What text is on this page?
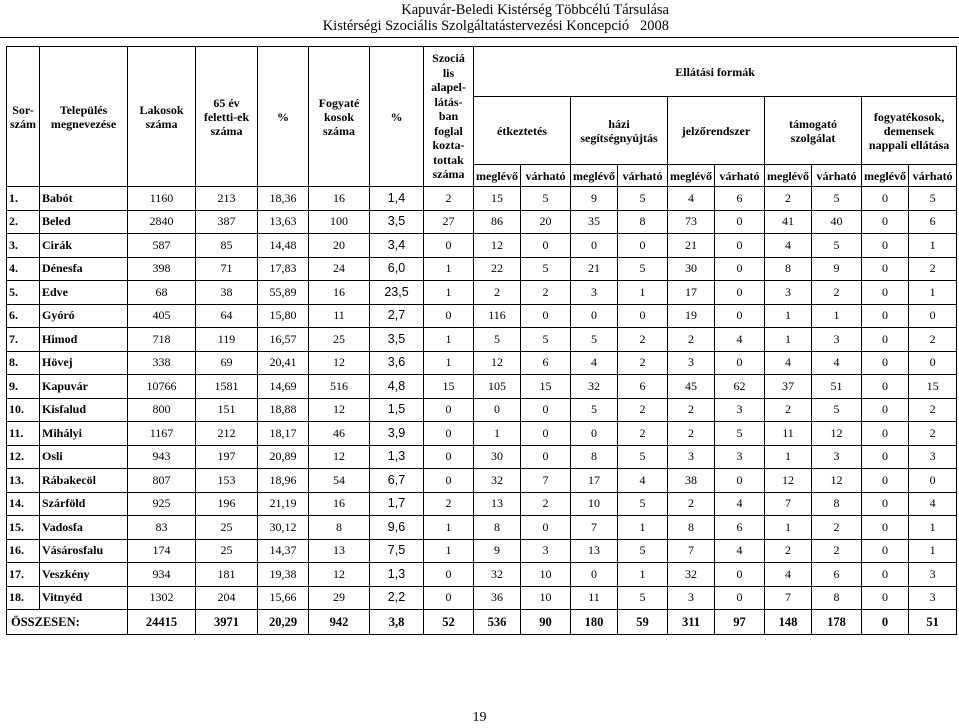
Kapuvár-Beledi Kistérség Többcélú Társulása
Kistérségi Szociális Szolgáltatástervezési Koncepció   2008
Sor-
szám	Település megnevezése	Lakosok száma	65 év feletti-ek száma	%	Fogyaté kosok száma	%	Szociá lis alapel-látás-ban foglal kozta-tottak száma	Ellátási formák									
								étkeztetés		házi segítségnyújtás		jelzőrendszer		támogató szolgálat		fogyatékosok, demensek nappali ellátása	
								meglévő	várható	meglévő	várható	meglévő	várható	meglévő	várható	meglévő	várható
1.	Babót	1160	213	18,36	16	1,4	2	15	5	9	5	4	6	2	5	0	5
2.	Beled	2840	387	13,63	100	3,5	27	86	20	35	8	73	0	41	40	0	6
3.	Cirák	587	85	14,48	20	3,4	0	12	0	0	0	21	0	4	5	0	1
4.	Dénesfa	398	71	17,83	24	6,0	1	22	5	21	5	30	0	8	9	0	2
5.	Edve	68	38	55,89	16	23,5	1	2	2	3	1	17	0	3	2	0	1
6.	Gyóró	405	64	15,80	11	2,7	0	116	0	0	0	19	0	1	1	0	0
7.	Himod	718	119	16,57	25	3,5	1	5	5	5	2	2	4	1	3	0	2
8.	Hövej	338	69	20,41	12	3,6	1	12	6	4	2	3	0	4	4	0	0
9.	Kapuvár	10766	1581	14,69	516	4,8	15	105	15	32	6	45	62	37	51	0	15
10.	Kisfalud	800	151	18,88	12	1,5	0	0	0	5	2	2	3	2	5	0	2
11.	Mihályi	1167	212	18,17	46	3,9	0	1	0	0	2	2	5	11	12	0	2
12.	Osli	943	197	20,89	12	1,3	0	30	0	8	5	3	3	1	3	0	3
13.	Rábakecöl	807	153	18,96	54	6,7	0	32	7	17	4	38	0	12	12	0	0
14.	Szárföld	925	196	21,19	16	1,7	2	13	2	10	5	2	4	7	8	0	4
15.	Vadosfa	83	25	30,12	8	9,6	1	8	0	7	1	8	6	1	2	0	1
16.	Vásárosfalu	174	25	14,37	13	7,5	1	9	3	13	5	7	4	2	2	0	1
17.	Veszkény	934	181	19,38	12	1,3	0	32	10	0	1	32	0	4	6	0	3
18.	Vitnyéd	1302	204	15,66	29	2,2	0	36	10	11	5	3	0	7	8	0	3
ÖSSZESEN:		24415	3971	20,29	942	3,8	52	536	90	180	59	311	97	148	178	0	51
19
